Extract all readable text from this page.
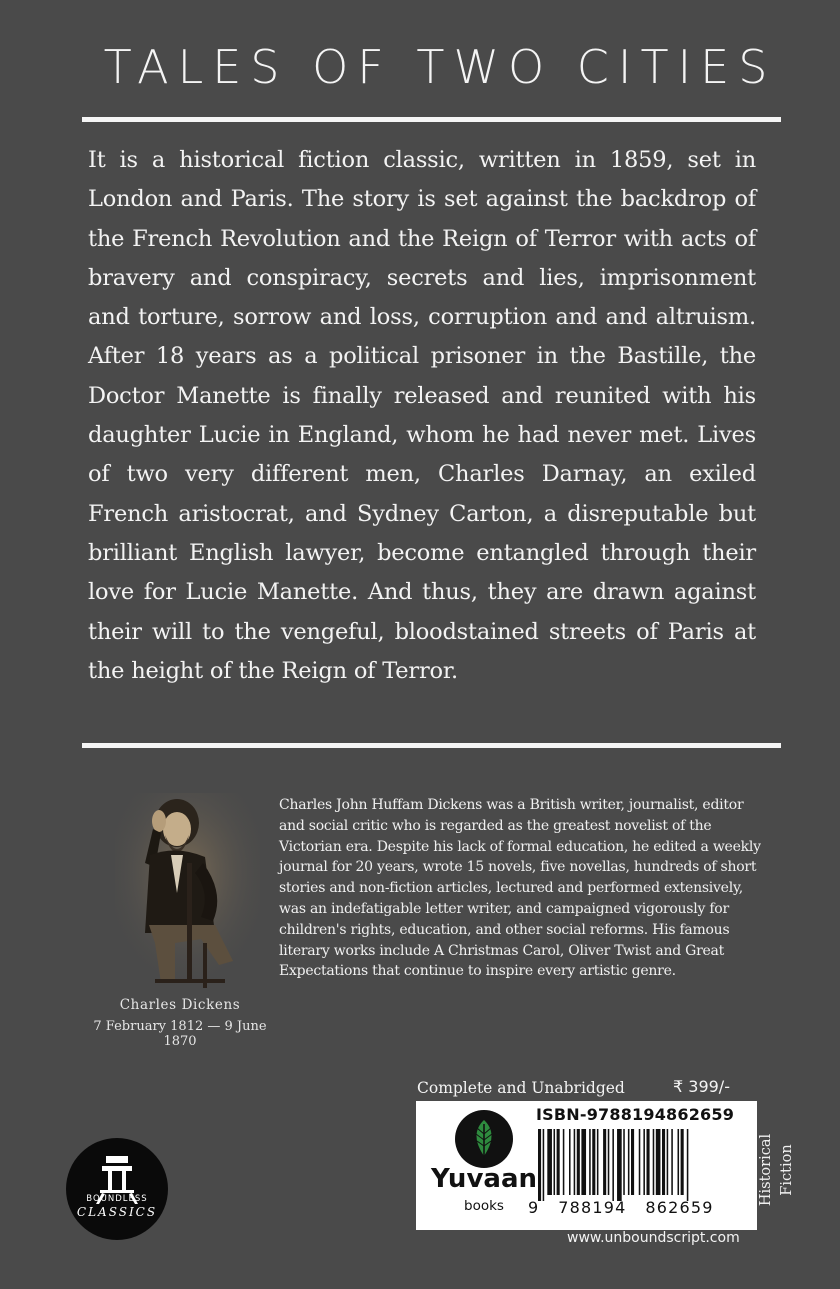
TALES OF TWO CITIES

It is a historical fiction classic, written in 1859, set in London and Paris. The story is set against the backdrop of the French Revolution and the Reign of Terror with acts of bravery and conspiracy, secrets and lies, imprisonment and torture, sorrow and loss, corruption and and altruism. After 18 years as a political prisoner in the Bastille, the Doctor Manette is finally released and reunited with his daughter Lucie in England, whom he had never met. Lives of two very different men, Charles Darnay, an exiled French aristocrat, and Sydney Carton, a disreputable but brilliant English lawyer, become entangled through their love for Lucie Manette. And thus, they are drawn against their will to the vengeful, bloodstained streets of Paris at the height of the Reign of Terror.

Charles Dickens
7 February 1812 — 9 June 1870

Charles John Huffam Dickens was a British writer, journalist, editor and social critic who is regarded as the greatest novelist of the Victorian era. Despite his lack of formal education, he edited a weekly journal for 20 years, wrote 15 novels, five novellas, hundreds of short stories and non-fiction articles, lectured and performed extensively, was an indefatigable letter writer, and campaigned vigorously for children's rights, education, and other social reforms. His famous literary works include A Christmas Carol, Oliver Twist and Great Expectations that continue to inspire every artistic genre.

Complete and Unabridged	₹ 399/-
BOUNDLESS
CLASSICS
Yuvaan
books
ISBN-9788194862659
9   788194   862659
www.unboundscript.com
Historical Fiction
